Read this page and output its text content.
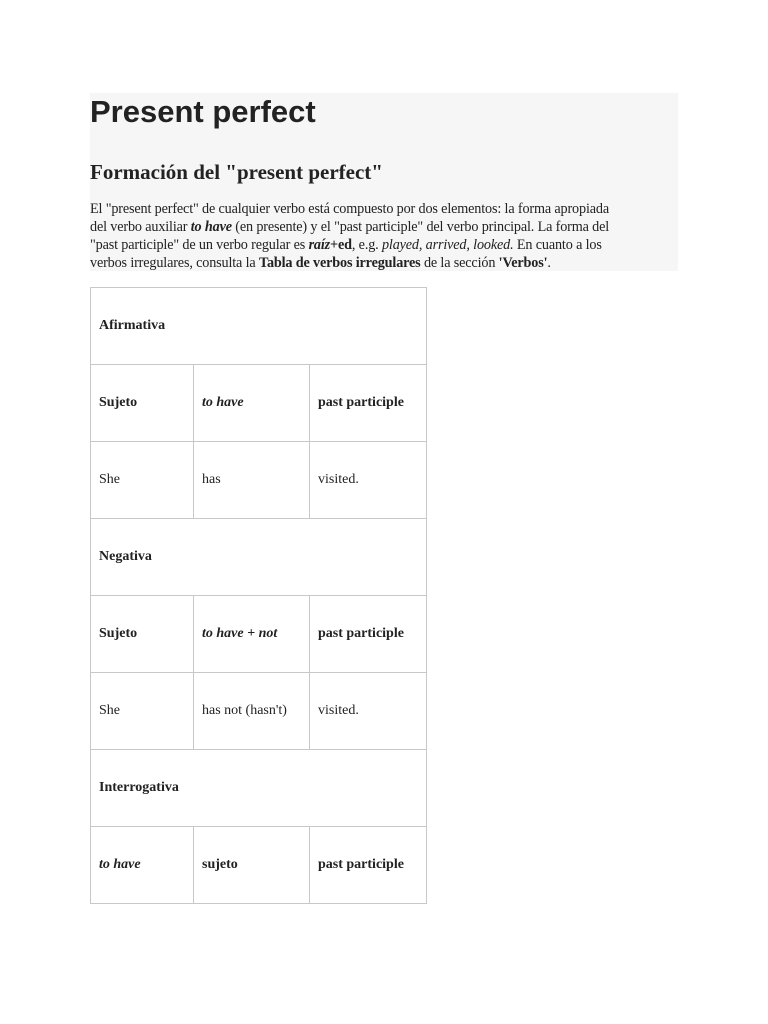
Present perfect
Formación del "present perfect"

El "present perfect" de cualquier verbo está compuesto por dos elementos: la forma apropiada
del verbo auxiliar to have (en presente) y el "past participle" del verbo principal. La forma del
"past participle" de un verbo regular es raíz+ed, e.g. played, arrived, looked. En cuanto a los
verbos irregulares, consulta la Tabla de verbos irregulares de la sección 'Verbos'.

Afirmativa		
Sujeto	to have	past participle
She	has	visited.
Negativa		
Sujeto	to have + not	past participle
She	has not (hasn't)	visited.
Interrogativa		
to have	sujeto	past participle
